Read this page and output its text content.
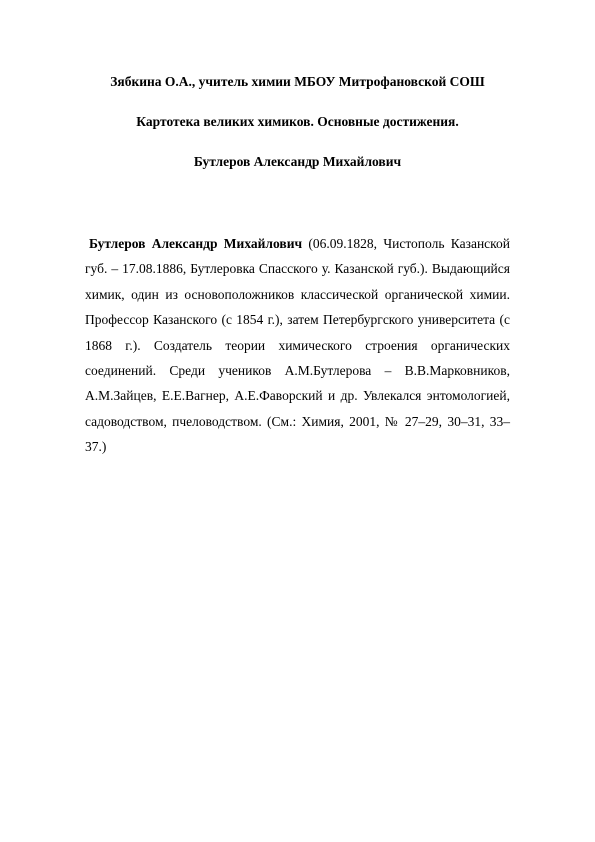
Зябкина О.А., учитель химии МБОУ Митрофановской СОШ
Картотека великих химиков. Основные достижения.
Бутлеров Александр Михайлович

Бутлеров Александр Михайлович (06.09.1828, Чистополь Казанской губ. – 17.08.1886, Бутлеровка Спасского у. Казанской губ.). Выдающийся химик, один из основоположников классической органической химии. Профессор Казанского (с 1854 г.), затем Петербургского университета (с 1868 г.). Создатель теории химического строения органических соединений. Среди учеников А.М.Бутлерова – В.В.Марковников, А.М.Зайцев, Е.Е.Вагнер, А.Е.Фаворский и др. Увлекался энтомологией, садоводством, пчеловодством. (См.: Химия, 2001, № 27–29, 30–31, 33–37.)
